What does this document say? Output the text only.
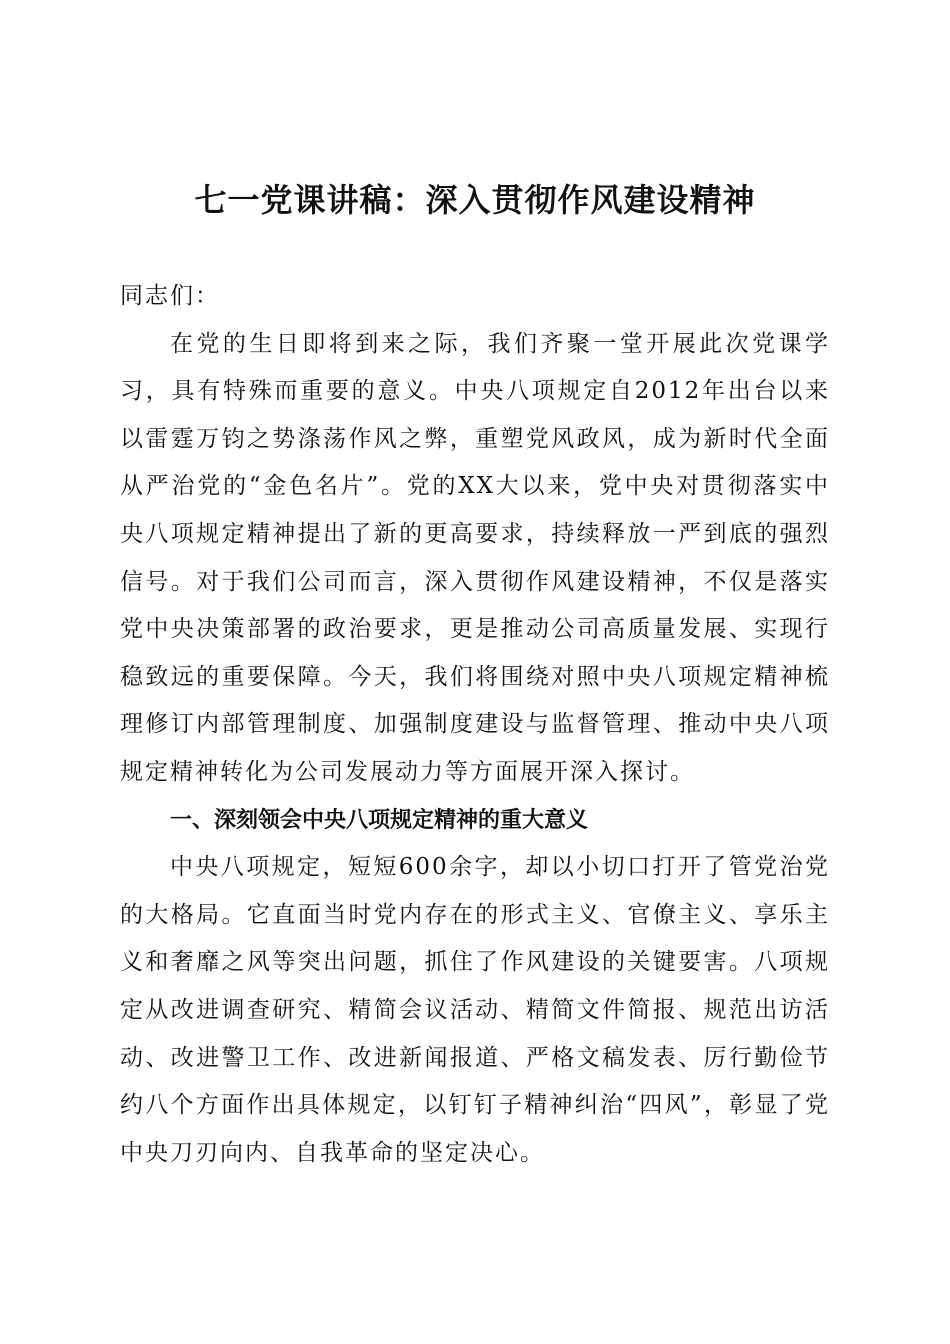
七一党课讲稿：深入贯彻作风建设精神

同志们：

在党的生日即将到来之际，我们齐聚一堂开展此次党课学习，具有特殊而重要的意义。中央八项规定自2012年出台以来以雷霆万钧之势涤荡作风之弊，重塑党风政风，成为新时代全面从严治党的“金色名片”。党的XX大以来，党中央对贯彻落实中央八项规定精神提出了新的更高要求，持续释放一严到底的强烈信号。对于我们公司而言，深入贯彻作风建设精神，不仅是落实党中央决策部署的政治要求，更是推动公司高质量发展、实现行稳致远的重要保障。今天，我们将围绕对照中央八项规定精神梳理修订内部管理制度、加强制度建设与监督管理、推动中央八项规定精神转化为公司发展动力等方面展开深入探讨。

一、深刻领会中央八项规定精神的重大意义

中央八项规定，短短600余字，却以小切口打开了管党治党的大格局。它直面当时党内存在的形式主义、官僚主义、享乐主义和奢靡之风等突出问题，抓住了作风建设的关键要害。八项规定从改进调查研究、精简会议活动、精简文件简报、规范出访活动、改进警卫工作、改进新闻报道、严格文稿发表、厉行勤俭节约八个方面作出具体规定，以钉钉子精神纠治“四风”，彰显了党中央刀刃向内、自我革命的坚定决心。
